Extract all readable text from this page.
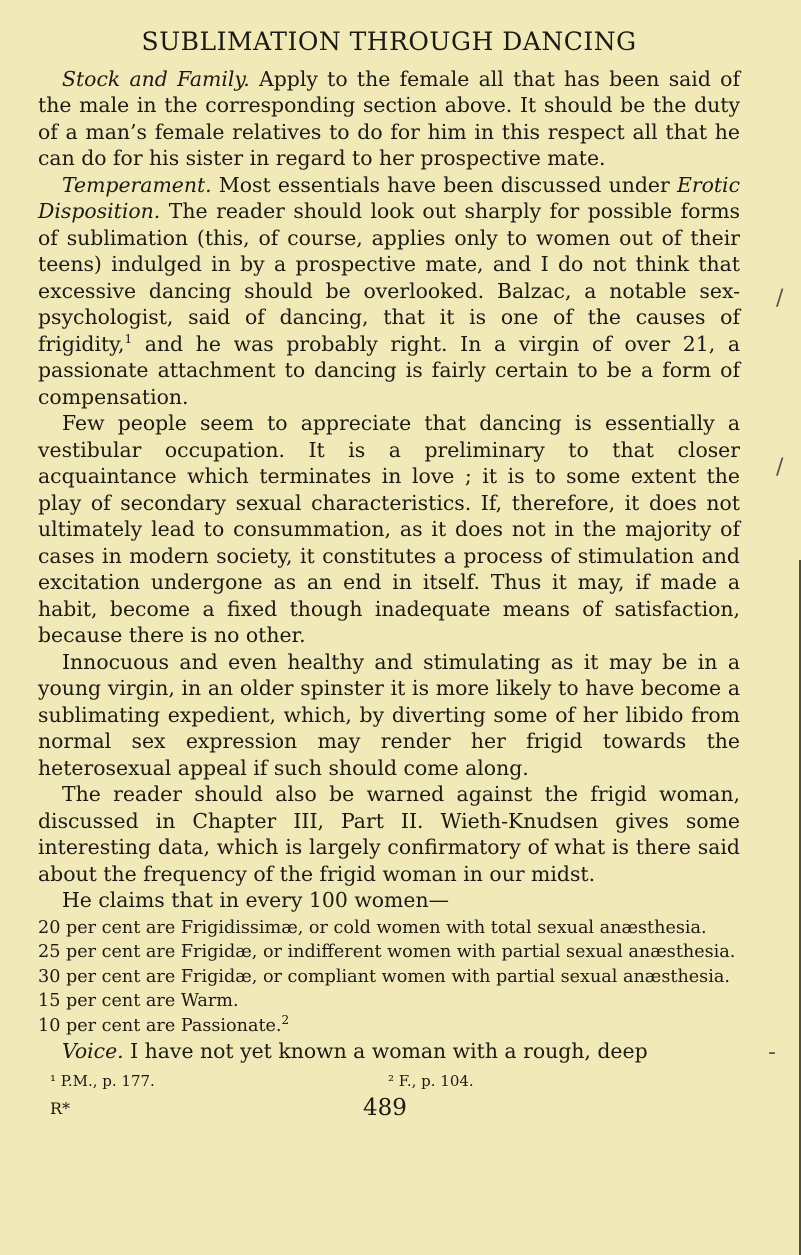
SUBLIMATION THROUGH DANCING

Stock and Family. Apply to the female all that has been said of the male in the corresponding section above. It should be the duty of a man’s female relatives to do for him in this respect all that he can do for his sister in regard to her prospective mate.

Temperament. Most essentials have been discussed under Erotic Disposition. The reader should look out sharply for possible forms of sublimation (this, of course, applies only to women out of their teens) indulged in by a prospective mate, and I do not think that excessive dancing should be overlooked. Balzac, a notable sex-psychologist, said of dancing, that it is one of the causes of frigidity,$^1$ and he was probably right. In a virgin of over 21, a passionate attachment to dancing is fairly certain to be a form of compensation.

Few people seem to appreciate that dancing is essentially a vestibular occupation. It is a preliminary to that closer acquaintance which terminates in love ; it is to some extent the play of secondary sexual characteristics. If, therefore, it does not ultimately lead to consummation, as it does not in the majority of cases in modern society, it constitutes a process of stimulation and excitation undergone as an end in itself. Thus it may, if made a habit, become a fixed though inadequate means of satisfaction, because there is no other.

Innocuous and even healthy and stimulating as it may be in a young virgin, in an older spinster it is more likely to have become a sublimating expedient, which, by diverting some of her libido from normal sex expression may render her frigid towards the heterosexual appeal if such should come along.

The reader should also be warned against the frigid woman, discussed in Chapter III, Part II. Wieth-Knudsen gives some interesting data, which is largely confirmatory of what is there said about the frequency of the frigid woman in our midst.

He claims that in every 100 women—

20 per cent are Frigidissimæ, or cold women with total sexual anæsthesia.
25 per cent are Frigidæ, or indifferent women with partial sexual anæsthesia.
30 per cent are Frigidæ, or compliant women with partial sexual anæsthesia.
15 per cent are Warm.
10 per cent are Passionate.$^2$

Voice. I have not yet known a woman with a rough, deep

¹ P.M., p. 177.	² F., p. 104.
R*	489
/
/
-
